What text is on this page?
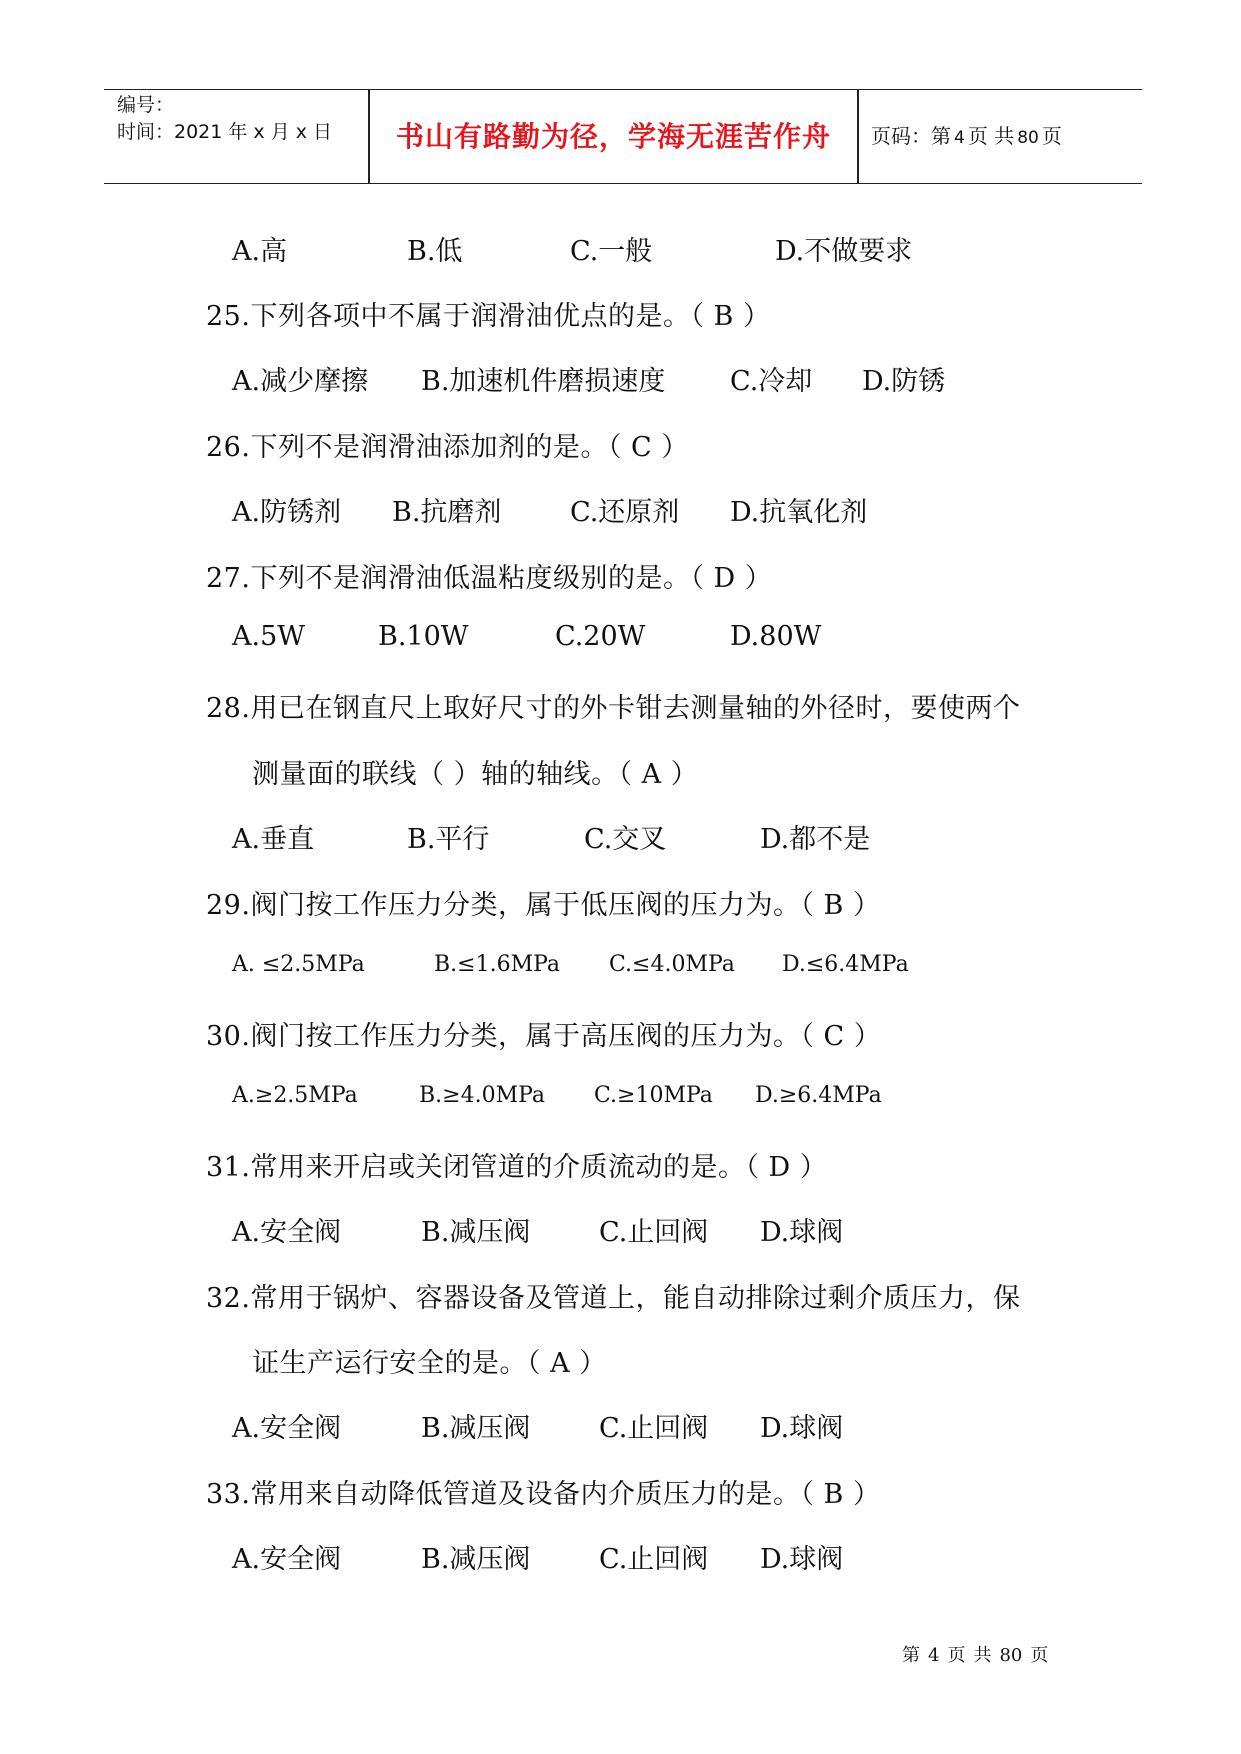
编号：
时间：2021 年 x 月 x 日	书山有路勤为径，学海无涯苦作舟	页码：第 4 页 共 80 页
A.高	B.低	C.一般	D.不做要求
25.下列各项中不属于润滑油优点的是。（ B ）
A.减少摩擦 B.加速机件磨损速度 C.冷却 D.防锈
26.下列不是润滑油添加剂的是。（ C ）
A.防锈剂 B.抗磨剂	C.还原剂 D.抗氧化剂
27.下列不是润滑油低温粘度级别的是。（ D ）
A.5W	B.10W	C.20W	D.80W
28.用已在钢直尺上取好尺寸的外卡钳去测量轴的外径时，要使两个
测量面的联线（ ）轴的轴线。（ A ）
A.垂直	B.平行	C.交叉	D.都不是
29.阀门按工作压力分类，属于低压阀的压力为。（ B ）
A. ≤2.5MPa	B.≤1.6MPa C.≤4.0MPa D.≤6.4MPa
30.阀门按工作压力分类，属于高压阀的压力为。（ C ）
A.≥2.5MPa	B.≥4.0MPa C.≥10MPa D.≥6.4MPa
31.常用来开启或关闭管道的介质流动的是。（ D ）
A.安全阀	B.减压阀	C.止回阀 D.球阀
32.常用于锅炉、容器设备及管道上，能自动排除过剩介质压力，保
证生产运行安全的是。（ A ）
A.安全阀	B.减压阀	C.止回阀 D.球阀
33.常用来自动降低管道及设备内介质压力的是。（ B ）
A.安全阀	B.减压阀	C.止回阀 D.球阀
第 4 页 共 80 页
